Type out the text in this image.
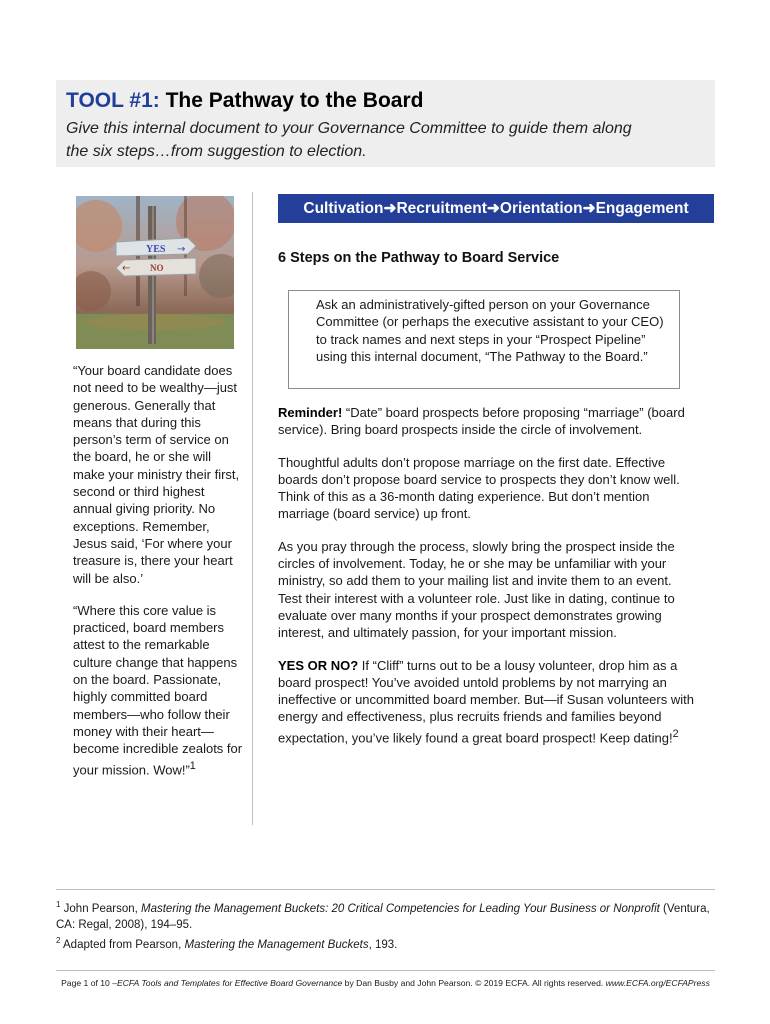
TOOL #1: The Pathway to the Board
Give this internal document to your Governance Committee to guide them along
the six steps…from suggestion to election.
YES →
NO
←

“Your board candidate does not need to be wealthy—just generous. Generally that means that during this person’s term of service on the board, he or she will make your ministry their first, second or third highest annual giving priority. No exceptions. Remember, Jesus said, ‘For where your treasure is, there your heart will be also.’

“Where this core value is practiced, board members attest to the remarkable culture change that happens on the board. Passionate, highly committed board members—who follow their money with their heart—become incredible zealots for your mission. Wow!”$^1$

Cultivation ➜ Recruitment ➜ Orientation ➜ Engagement
6 Steps on the Pathway to Board Service
Ask an administratively-gifted person on your Governance Committee (or perhaps the executive assistant to your CEO) to track names and next steps in your “Prospect Pipeline” using this internal document, “The Pathway to the Board.”

Reminder! “Date” board prospects before proposing “marriage” (board service). Bring board prospects inside the circle of involvement.

Thoughtful adults don’t propose marriage on the first date. Effective boards don’t propose board service to prospects they don’t know well. Think of this as a 36-month dating experience. But don’t mention marriage (board service) up front.

As you pray through the process, slowly bring the prospect inside the circles of involvement. Today, he or she may be unfamiliar with your ministry, so add them to your mailing list and invite them to an event. Test their interest with a volunteer role. Just like in dating, continue to evaluate over many months if your prospect demonstrates growing interest, and ultimately passion, for your important mission.

YES OR NO? If “Cliff” turns out to be a lousy volunteer, drop him as a board prospect! You’ve avoided untold problems by not marrying an ineffective or uncommitted board member. But—if Susan volunteers with energy and effectiveness, plus recruits friends and families beyond expectation, you’ve likely found a great board prospect! Keep dating!$^2$

$^1$ John Pearson, Mastering the Management Buckets: 20 Critical Competencies for Leading Your Business or Nonprofit (Ventura, CA: Regal, 2008), 194–95.
$^2$ Adapted from Pearson, Mastering the Management Buckets, 193.
Page 1 of 10 –ECFA Tools and Templates for Effective Board Governance by Dan Busby and John Pearson. © 2019 ECFA. All rights reserved. www.ECFA.org/ECFAPress
